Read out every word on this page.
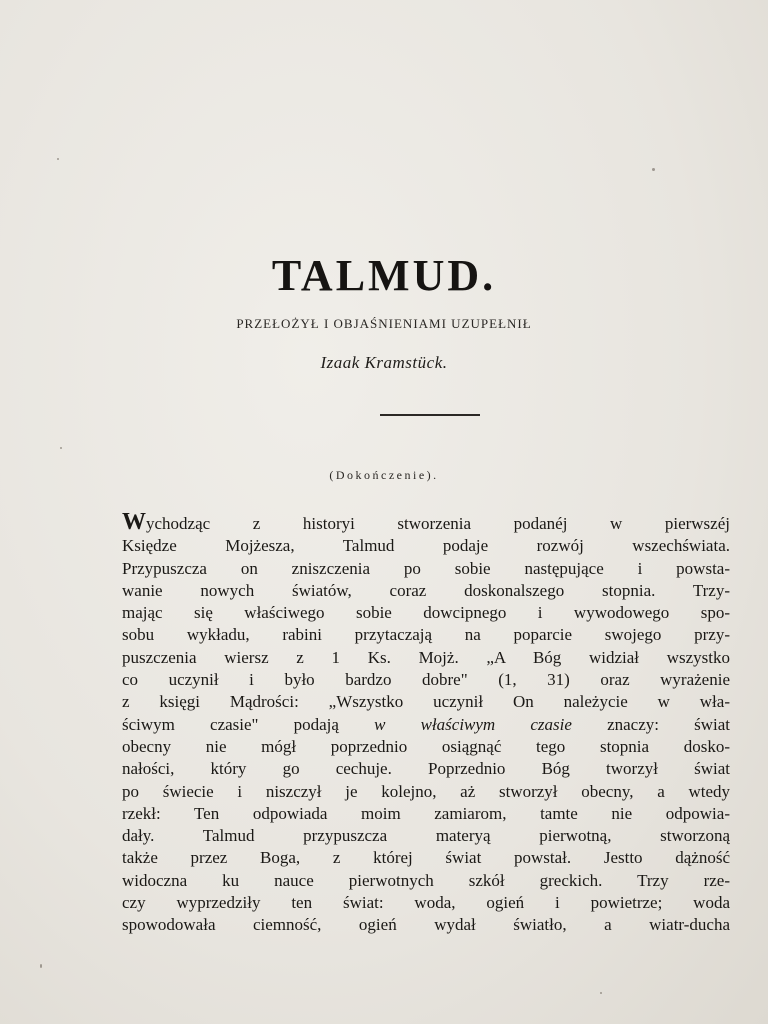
TALMUD.
PRZEŁOŻYŁ I OBJAŚNIENIAMI UZUPEŁNIŁ
Izaak Kramstück.
(Dokończenie).
Wychodząc z historyi stworzenia podanéj w pierwszéj
Księdze Mojżesza, Talmud podaje rozwój wszechświata.
Przypuszcza on zniszczenia po sobie następujące i powsta-
wanie nowych światów, coraz doskonalszego stopnia. Trzy-
mając się właściwego sobie dowcipnego i wywodowego spo-
sobu wykładu, rabini przytaczają na poparcie swojego przy-
puszczenia wiersz z 1 Ks. Mojż. „A Bóg widział wszystko
co uczynił i było bardzo dobre" (1, 31) oraz wyrażenie
z księgi Mądrości: „Wszystko uczynił On należycie w wła-
ściwym czasie" podają w właściwym czasie znaczy: świat
obecny nie mógł poprzednio osiągnąć tego stopnia dosko-
nałości, który go cechuje. Poprzednio Bóg tworzył świat
po świecie i niszczył je kolejno, aż stworzył obecny, a wtedy
rzekł: Ten odpowiada moim zamiarom, tamte nie odpowia-
dały. Talmud przypuszcza materyą pierwotną, stworzoną
także przez Boga, z której świat powstał. Jestto dążność
widoczna ku nauce pierwotnych szkół greckich. Trzy rze-
czy wyprzedziły ten świat: woda, ogień i powietrze; woda
spowodowała ciemność, ogień wydał światło, a wiatr-ducha
